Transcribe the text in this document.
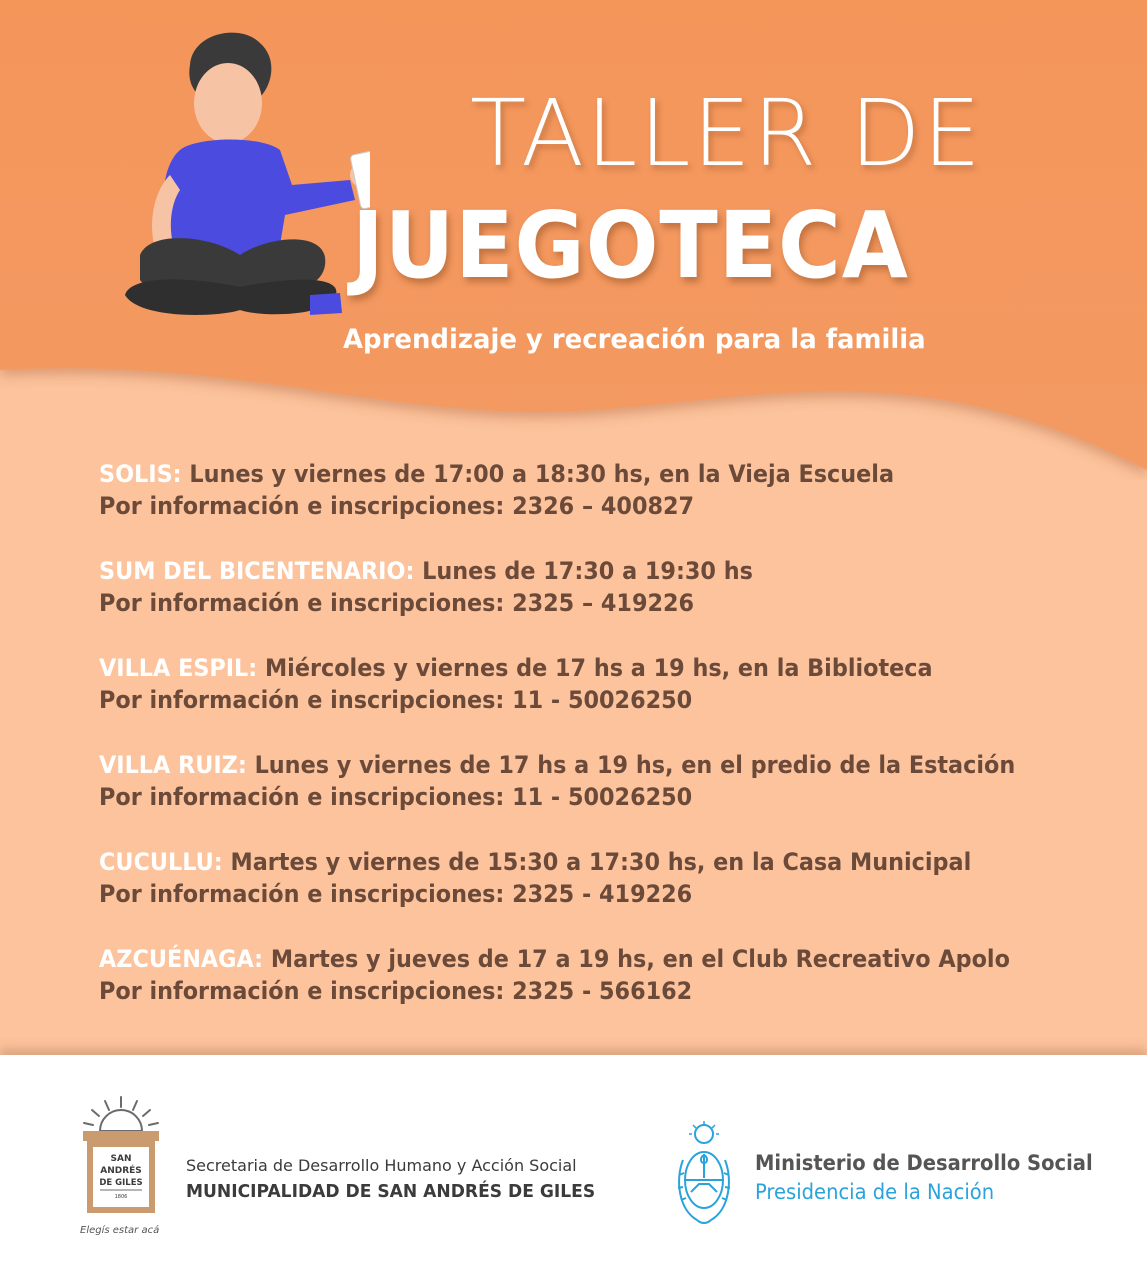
TALLER DE
JUEGOTECA
Aprendizaje y recreación para la familia
SOLIS: Lunes y viernes de 17:00 a 18:30 hs, en la Vieja Escuela
Por información e inscripciones: 2326 – 400827
SUM DEL BICENTENARIO: Lunes de 17:30 a 19:30 hs
Por información e inscripciones: 2325 – 419226
VILLA ESPIL: Miércoles y viernes de 17 hs a 19 hs, en la Biblioteca
Por información e inscripciones: 11 - 50026250
VILLA RUIZ: Lunes y viernes de 17 hs a 19 hs, en el predio de la Estación
Por información e inscripciones: 11 - 50026250
CUCULLU: Martes y viernes de 15:30 a 17:30 hs, en la Casa Municipal
Por información e inscripciones: 2325 - 419226
AZCUÉNAGA: Martes y jueves de 17 a 19 hs, en el Club Recreativo Apolo
Por información e inscripciones: 2325 - 566162
SAN
ANDRÉS
DE GILES
1806
Elegís estar acá
Secretaria de Desarrollo Humano y Acción Social
MUNICIPALIDAD DE SAN ANDRÉS DE GILES
Ministerio de Desarrollo Social
Presidencia de la Nación
